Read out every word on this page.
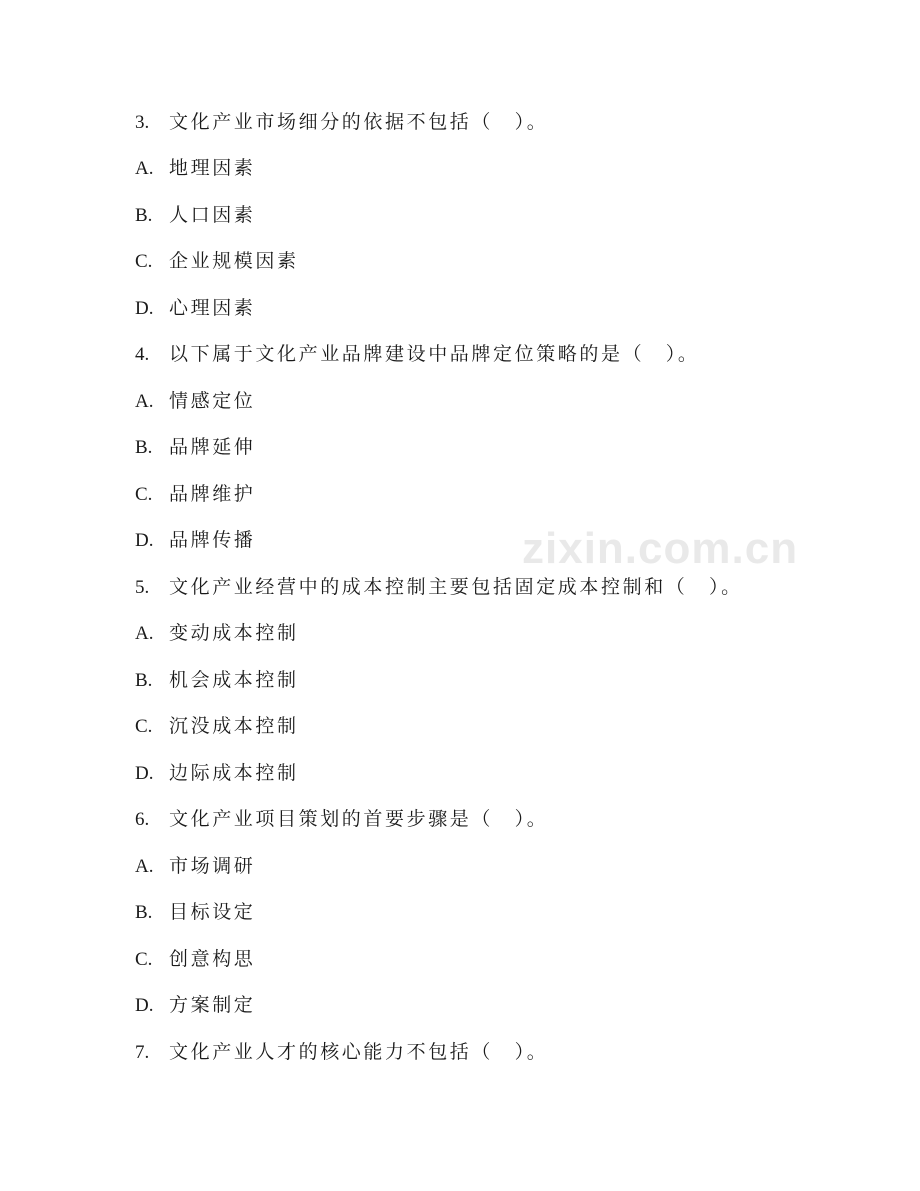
zixin.com.cn
3. 文化产业市场细分的依据不包括（　）。
A. 地理因素
B. 人口因素
C. 企业规模因素
D. 心理因素
4. 以下属于文化产业品牌建设中品牌定位策略的是（　）。
A. 情感定位
B. 品牌延伸
C. 品牌维护
D. 品牌传播
5. 文化产业经营中的成本控制主要包括固定成本控制和（　）。
A. 变动成本控制
B. 机会成本控制
C. 沉没成本控制
D. 边际成本控制
6. 文化产业项目策划的首要步骤是（　）。
A. 市场调研
B. 目标设定
C. 创意构思
D. 方案制定
7. 文化产业人才的核心能力不包括（　）。
